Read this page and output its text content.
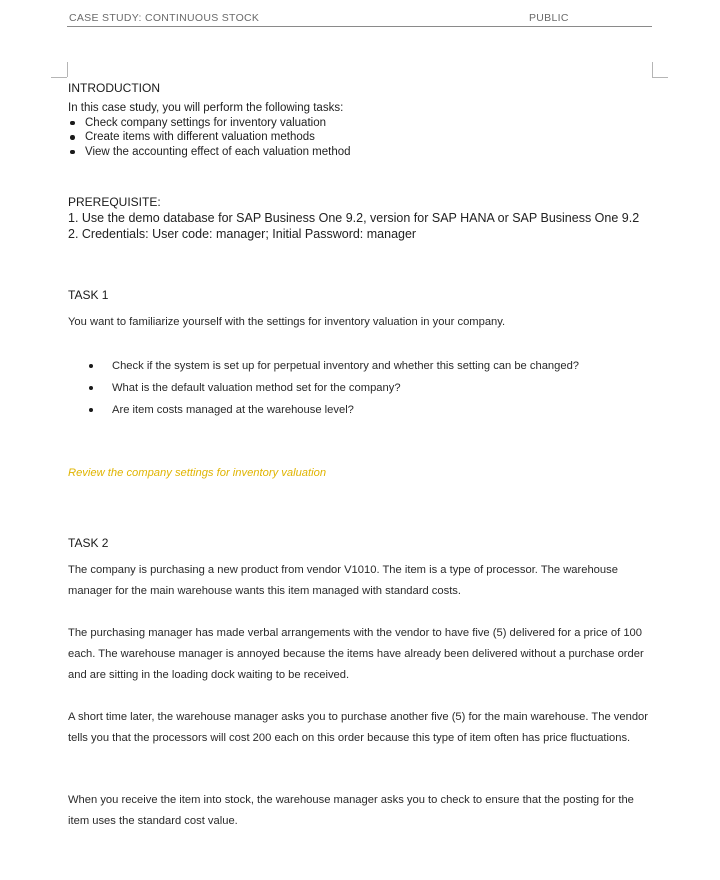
CASE STUDY: CONTINUOUS STOCK	PUBLIC
INTRODUCTION

In this case study, you will perform the following tasks:

Check company settings for inventory valuation
Create items with different valuation methods
View the accounting effect of each valuation method
PREREQUISITE:

1. Use the demo database for SAP Business One 9.2, version for SAP HANA or SAP Business One 9.2

2. Credentials: User code: manager; Initial Password: manager

TASK 1
You want to familiarize yourself with the settings for inventory valuation in your company.
Check if the system is set up for perpetual inventory and whether this setting can be changed?
What is the default valuation method set for the company?
Are item costs managed at the warehouse level?
Review the company settings for inventory valuation
TASK 2
The company is purchasing a new product from vendor V1010. The item is a type of processor. The warehouse manager for the main warehouse wants this item managed with standard costs.
The purchasing manager has made verbal arrangements with the vendor to have five (5) delivered for a price of 100 each. The warehouse manager is annoyed because the items have already been delivered without a purchase order and are sitting in the loading dock waiting to be received.
A short time later, the warehouse manager asks you to purchase another five (5) for the main warehouse. The vendor tells you that the processors will cost 200 each on this order because this type of item often has price fluctuations.
When you receive the item into stock, the warehouse manager asks you to check to ensure that the posting for the item uses the standard cost value.
